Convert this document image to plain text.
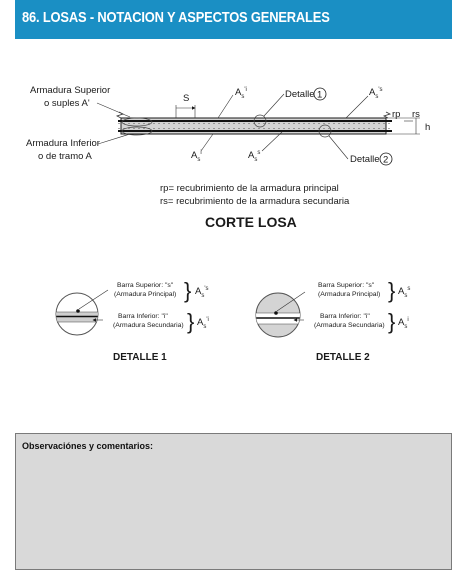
86. LOSAS - NOTACION Y ASPECTOS GENERALES
Armadura Superior
o suples A'
Armadura Inferior
o de tramo A
S
$A_s^{'i}$	Detalle 1	$A_s^{'s}$
rp rs
h
$A_s^i$	$A_s^s$
Detalle 2
rp= recubrimiento de la armadura principal
rs= recubrimiento de la armadura secundaria
CORTE LOSA
Barra Superior: "s"
(Armadura Principal) } $A_s^{'s}$
Barra Inferior: "i"
(Armadura Secundaria) } $A_s^{'i}$
DETALLE 1
Barra Superior: "s"
(Armadura Principal) } $A_s^s$
Barra Inferior: "i"
(Armadura Secundaria) } $A_s^i$
DETALLE 2
Observaciónes y comentarios:
